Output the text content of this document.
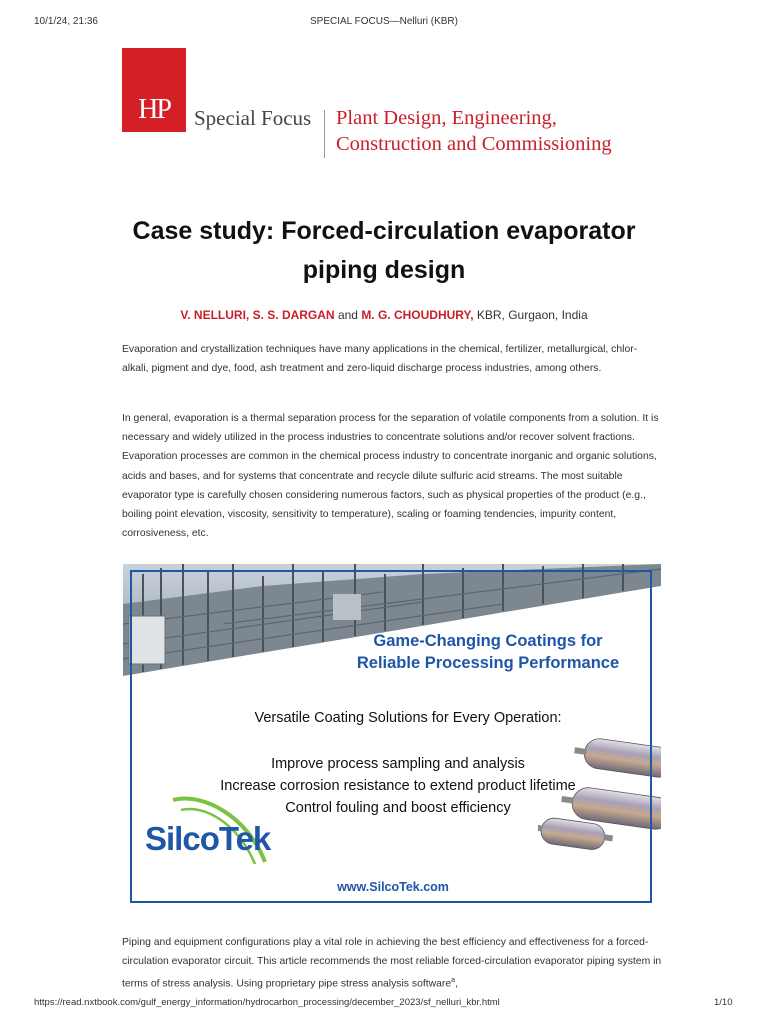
10/1/24, 21:36	SPECIAL FOCUS—Nelluri (KBR)
HP	Special Focus Plant Design, Engineering,
Construction and Commissioning
Case study: Forced-circulation evaporator
piping design
V. NELLURI, S. S. DARGAN and M. G. CHOUDHURY, KBR, Gurgaon, India
Evaporation and crystallization techniques have many applications in the chemical, fertilizer, metallurgical, chlor-alkali, pigment and dye, food, ash treatment and zero-liquid discharge process industries, among others.
In general, evaporation is a thermal separation process for the separation of volatile components from a solution. It is necessary and widely utilized in the process industries to concentrate solutions and/or recover solvent fractions. Evaporation processes are common in the chemical process industry to concentrate inorganic and organic solutions, acids and bases, and for systems that concentrate and recycle dilute sulfuric acid streams. The most suitable evaporator type is carefully chosen considering numerous factors, such as physical properties of the product (e.g., boiling point elevation, viscosity, sensitivity to temperature), scaling or foaming tendencies, impurity content, corrosiveness, etc.
Game-Changing Coatings for
Reliable Processing Performance
Versatile Coating Solutions for Every Operation:
Improve process sampling and analysis
Increase corrosion resistance to extend product lifetime
Control fouling and boost efficiency
SilcoTek
www.SilcoTek.com
Piping and equipment configurations play a vital role in achieving the best efficiency and effectiveness for a forced-circulation evaporator circuit. This article recommends the most reliable forced-circulation evaporator piping system in terms of stress analysis. Using proprietary pipe stress analysis software$^a$,
https://read.nxtbook.com/gulf_energy_information/hydrocarbon_processing/december_2023/sf_nelluri_kbr.html	1/10
